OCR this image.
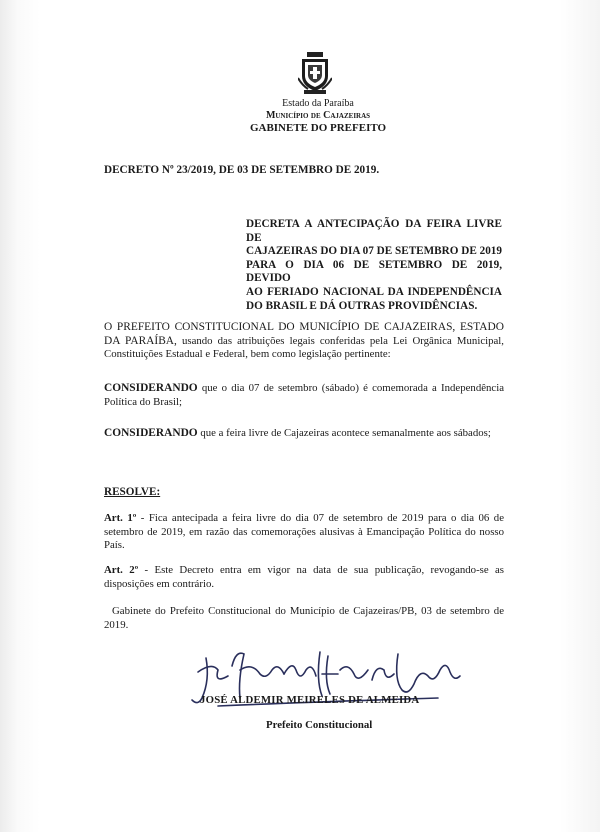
Estado da Paraíba
Município de Cajazeiras
GABINETE DO PREFEITO
DECRETO Nº 23/2019, DE 03 DE SETEMBRO DE 2019.
DECRETA A ANTECIPAÇÃO DA FEIRA LIVRE DE
CAJAZEIRAS DO DIA 07 DE SETEMBRO DE 2019
PARA O DIA 06 DE SETEMBRO DE 2019, DEVIDO
AO FERIADO NACIONAL DA INDEPENDÊNCIA
DO BRASIL E DÁ OUTRAS PROVIDÊNCIAS.
O PREFEITO CONSTITUCIONAL DO MUNICÍPIO DE CAJAZEIRAS, ESTADO DA PARAÍBA, usando das atribuições legais conferidas pela Lei Orgânica Municipal, Constituições Estadual e Federal, bem como legislação pertinente:
CONSIDERANDO que o dia 07 de setembro (sábado) é comemorada a Independência Política do Brasil;
CONSIDERANDO que a feira livre de Cajazeiras acontece semanalmente aos sábados;
RESOLVE:
Art. 1º - Fica antecipada a feira livre do dia 07 de setembro de 2019 para o dia 06 de setembro de 2019, em razão das comemorações alusivas à Emancipação Política do nosso País.
Art. 2º - Este Decreto entra em vigor na data de sua publicação, revogando-se as disposições em contrário.
Gabinete do Prefeito Constitucional do Município de Cajazeiras/PB, 03 de setembro de 2019.
JOSÉ ALDEMIR MEIRELES DE ALMEIDA
Prefeito Constitucional
